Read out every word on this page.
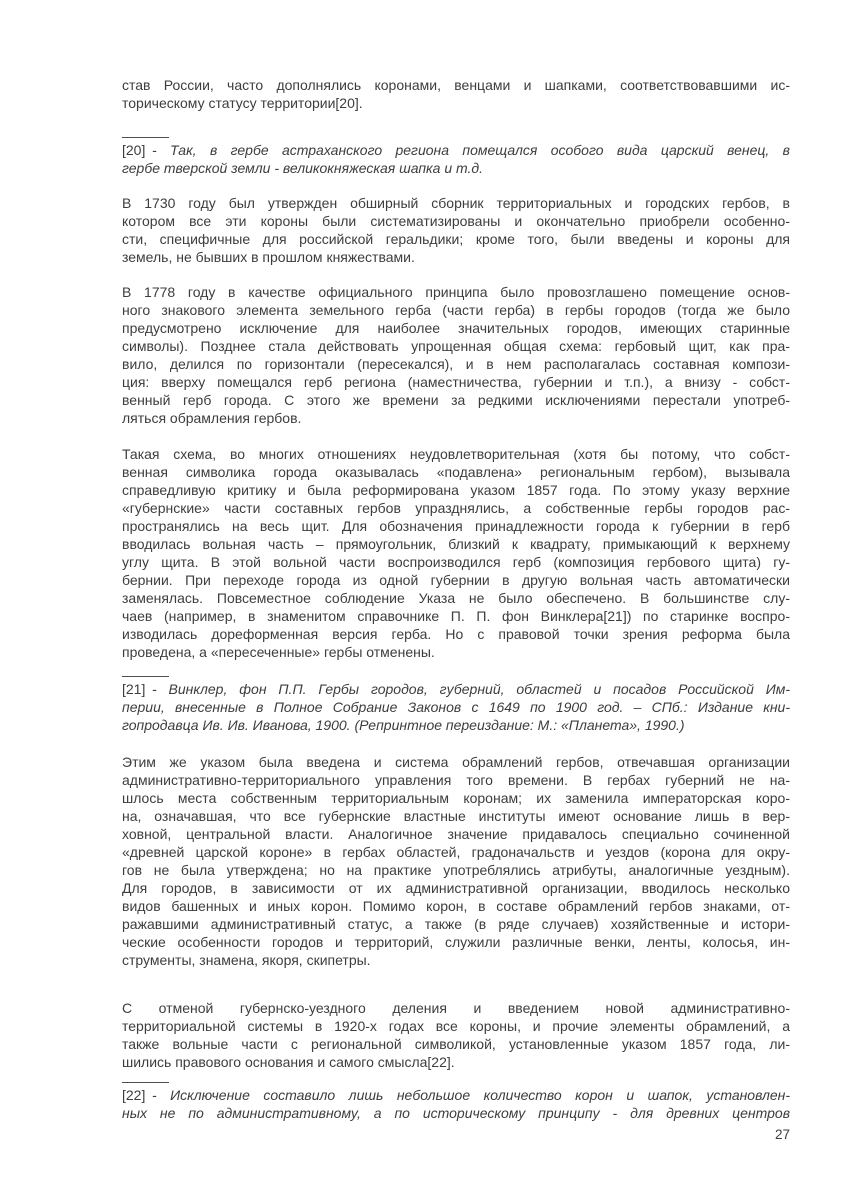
став России, часто дополнялись коронами, венцами и шапками, соответствовавшими ис-
торическому статусу территории[20].
[20] - Так, в гербе астраханского региона помещался особого вида царский венец, в
гербе тверской земли - великокняжеская шапка и т.д.
В 1730 году был утвержден обширный сборник территориальных и городских гербов, в
котором все эти короны были систематизированы и окончательно приобрели особенно-
сти, специфичные для российской геральдики; кроме того, были введены и короны для
земель, не бывших в прошлом княжествами.
В 1778 году в качестве официального принципа было провозглашено помещение основ-
ного знакового элемента земельного герба (части герба) в гербы городов (тогда же было
предусмотрено исключение для наиболее значительных городов, имеющих старинные
символы). Позднее стала действовать упрощенная общая схема: гербовый щит, как пра-
вило, делился по горизонтали (пересекался), и в нем располагалась составная компози-
ция: вверху помещался герб региона (наместничества, губернии и т.п.), а внизу - собст-
венный герб города. С этого же времени за редкими исключениями перестали употреб-
ляться обрамления гербов.
Такая схема, во многих отношениях неудовлетворительная (хотя бы потому, что собст-
венная символика города оказывалась «подавлена» региональным гербом), вызывала
справедливую критику и была реформирована указом 1857 года. По этому указу верхние
«губернские» части составных гербов упразднялись, а собственные гербы городов рас-
пространялись на весь щит. Для обозначения принадлежности города к губернии в герб
вводилась вольная часть – прямоугольник, близкий к квадрату, примыкающий к верхнему
углу щита. В этой вольной части воспроизводился герб (композиция гербового щита) гу-
бернии. При переходе города из одной губернии в другую вольная часть автоматически
заменялась. Повсеместное соблюдение Указа не было обеспечено. В большинстве слу-
чаев (например, в знаменитом справочнике П. П. фон Винклера[21]) по старинке воспро-
изводилась дореформенная версия герба. Но с правовой точки зрения реформа была
проведена, а «пересеченные» гербы отменены.
[21] - Винклер, фон П.П. Гербы городов, губерний, областей и посадов Российской Им-
перии, внесенные в Полное Собрание Законов с 1649 по 1900 год. – СПб.: Издание кни-
гопродавца Ив. Ив. Иванова, 1900. (Репринтное переиздание: М.: «Планета», 1990.)
Этим же указом была введена и система обрамлений гербов, отвечавшая организации
административно-территориального управления того времени. В гербах губерний не на-
шлось места собственным территориальным коронам; их заменила императорская коро-
на, означавшая, что все губернские властные институты имеют основание лишь в вер-
ховной, центральной власти. Аналогичное значение придавалось специально сочиненной
«древней царской короне» в гербах областей, градоначальств и уездов (корона для окру-
гов не была утверждена; но на практике употреблялись атрибуты, аналогичные уездным).
Для городов, в зависимости от их административной организации, вводилось несколько
видов башенных и иных корон. Помимо корон, в составе обрамлений гербов знаками, от-
ражавшими административный статус, а также (в ряде случаев) хозяйственные и истори-
ческие особенности городов и территорий, служили различные венки, ленты, колосья, ин-
струменты, знамена, якоря, скипетры.
С отменой губернско-уездного деления и введением новой административно-
территориальной системы в 1920-х годах все короны, и прочие элементы обрамлений, а
также вольные части с региональной символикой, установленные указом 1857 года, ли-
шились правового основания и самого смысла[22].
[22] - Исключение составило лишь небольшое количество корон и шапок, установлен-
ных не по административному, а по историческому принципу - для древних центров
27
